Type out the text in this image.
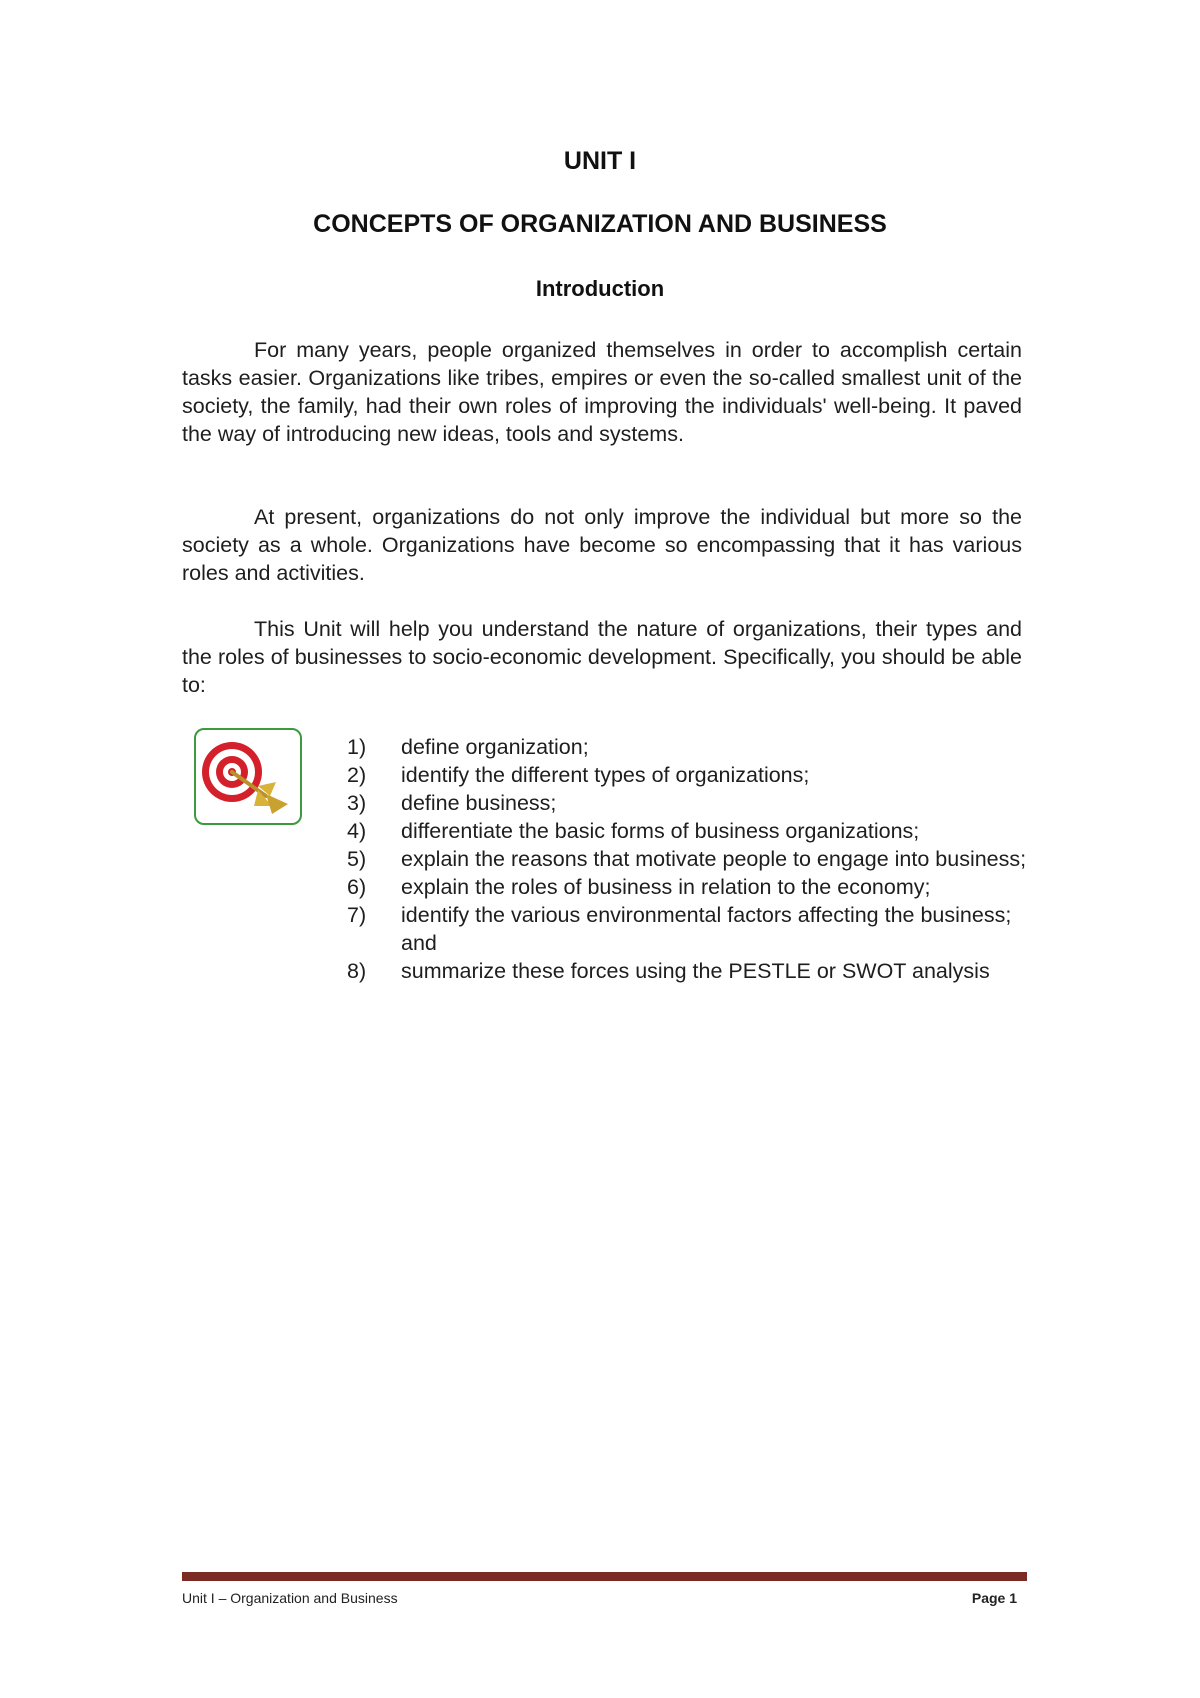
UNIT I
CONCEPTS OF ORGANIZATION AND BUSINESS
Introduction

For many years, people organized themselves in order to accomplish certain tasks easier. Organizations like tribes, empires or even the so-called smallest unit of the society, the family, had their own roles of improving the individuals' well-being. It paved the way of introducing new ideas, tools and systems.

At present, organizations do not only improve the individual but more so the society as a whole. Organizations have become so encompassing that it has various roles and activities.

This Unit will help you understand the nature of organizations, their types and the roles of businesses to socio-economic development. Specifically, you should be able to:

1) define organization;
2) identify the different types of organizations;
3) define business;
4) differentiate the basic forms of business organizations;
5) explain the reasons that motivate people to engage into business;
6) explain the roles of business in relation to the economy;
7) identify the various environmental factors affecting the business; and
8) summarize these forces using the PESTLE or SWOT analysis
Unit I – Organization and Business	Page 1
